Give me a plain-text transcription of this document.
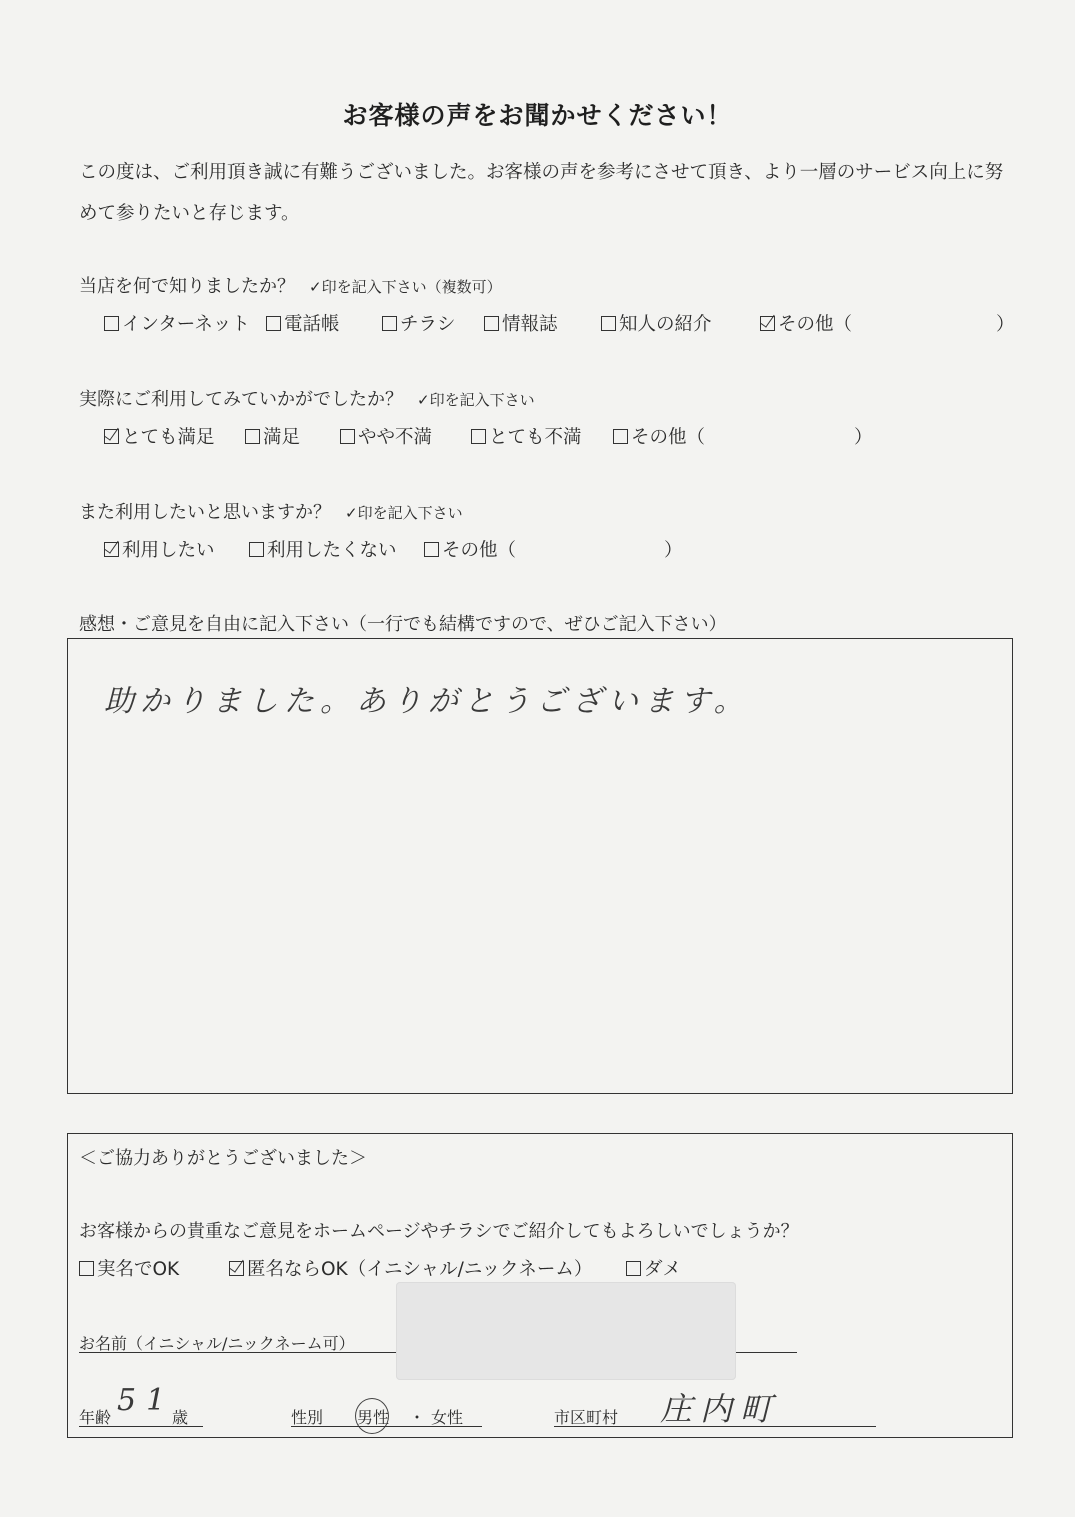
お客様の声をお聞かせください！
この度は、ご利用頂き誠に有難うございました。お客様の声を参考にさせて頂き、より一層のサービス向上に努
めて参りたいと存じます。
当店を何で知りましたか？ ✓印を記入下さい（複数可）
インターネット	電話帳	チラシ	情報誌	知人の紹介	その他（	）
実際にご利用してみていかがでしたか？ ✓印を記入下さい
とても満足	満足	やや不満	とても不満	その他（	）
また利用したいと思いますか？ ✓印を記入下さい
利用したい	利用したくない	その他（	）
感想・ご意見を自由に記入下さい（一行でも結構ですので、ぜひご記入下さい）
助かりました。ありがとうございます。
＜ご協力ありがとうございました＞
お客様からの貴重なご意見をホームページやチラシでご紹介してもよろしいでしょうか？
実名でOK	匿名ならOK（イニシャル/ニックネーム）	ダメ
お名前（イニシャル/ニックネーム可）
年齢 51
歳	性別 男性 ・ 女性	市区町村 庄内町
